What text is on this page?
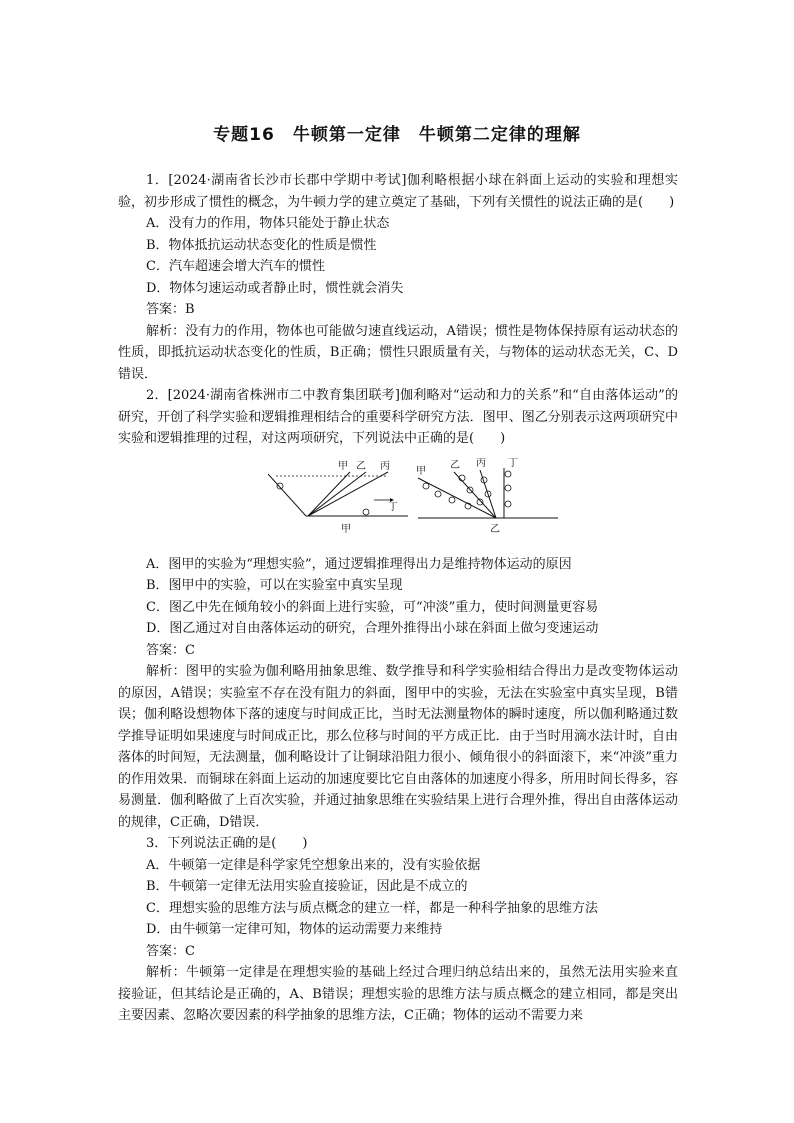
专题16　牛顿第一定律　牛顿第二定律的理解

1．[2024·湖南省长沙市长郡中学期中考试]伽利略根据小球在斜面上运动的实验和理想实验，初步形成了惯性的概念，为牛顿力学的建立奠定了基础，下列有关惯性的说法正确的是(　　)

A．没有力的作用，物体只能处于静止状态

B．物体抵抗运动状态变化的性质是惯性

C．汽车超速会增大汽车的惯性

D．物体匀速运动或者静止时，惯性就会消失

答案：B

解析：没有力的作用，物体也可能做匀速直线运动，A错误；惯性是物体保持原有运动状态的性质，即抵抗运动状态变化的性质，B正确；惯性只跟质量有关，与物体的运动状态无关，C、D错误．

2．[2024·湖南省株洲市二中教育集团联考]伽利略对“运动和力的关系”和“自由落体运动”的研究，开创了科学实验和逻辑推理相结合的重要科学研究方法．图甲、图乙分别表示这两项研究中实验和逻辑推理的过程，对这两项研究，下列说法中正确的是(　　)

甲 乙 丙
丁
甲
甲
乙 丙 丁
乙

A．图甲的实验为“理想实验”，通过逻辑推理得出力是维持物体运动的原因

B．图甲中的实验，可以在实验室中真实呈现

C．图乙中先在倾角较小的斜面上进行实验，可“冲淡”重力，使时间测量更容易

D．图乙通过对自由落体运动的研究，合理外推得出小球在斜面上做匀变速运动

答案：C

解析：图甲的实验为伽利略用抽象思维、数学推导和科学实验相结合得出力是改变物体运动的原因，A错误；实验室不存在没有阻力的斜面，图甲中的实验，无法在实验室中真实呈现，B错误；伽利略设想物体下落的速度与时间成正比，当时无法测量物体的瞬时速度，所以伽利略通过数学推导证明如果速度与时间成正比，那么位移与时间的平方成正比．由于当时用滴水法计时，自由落体的时间短，无法测量，伽利略设计了让铜球沿阻力很小、倾角很小的斜面滚下，来“冲淡”重力的作用效果．而铜球在斜面上运动的加速度要比它自由落体的加速度小得多，所用时间长得多，容易测量．伽利略做了上百次实验，并通过抽象思维在实验结果上进行合理外推，得出自由落体运动的规律，C正确，D错误．

3．下列说法正确的是(　　)

A．牛顿第一定律是科学家凭空想象出来的，没有实验依据

B．牛顿第一定律无法用实验直接验证，因此是不成立的

C．理想实验的思维方法与质点概念的建立一样，都是一种科学抽象的思维方法

D．由牛顿第一定律可知，物体的运动需要力来维持

答案：C

解析：牛顿第一定律是在理想实验的基础上经过合理归纳总结出来的，虽然无法用实验来直接验证，但其结论是正确的，A、B错误；理想实验的思维方法与质点概念的建立相同，都是突出主要因素、忽略次要因素的科学抽象的思维方法，C正确；物体的运动不需要力来
